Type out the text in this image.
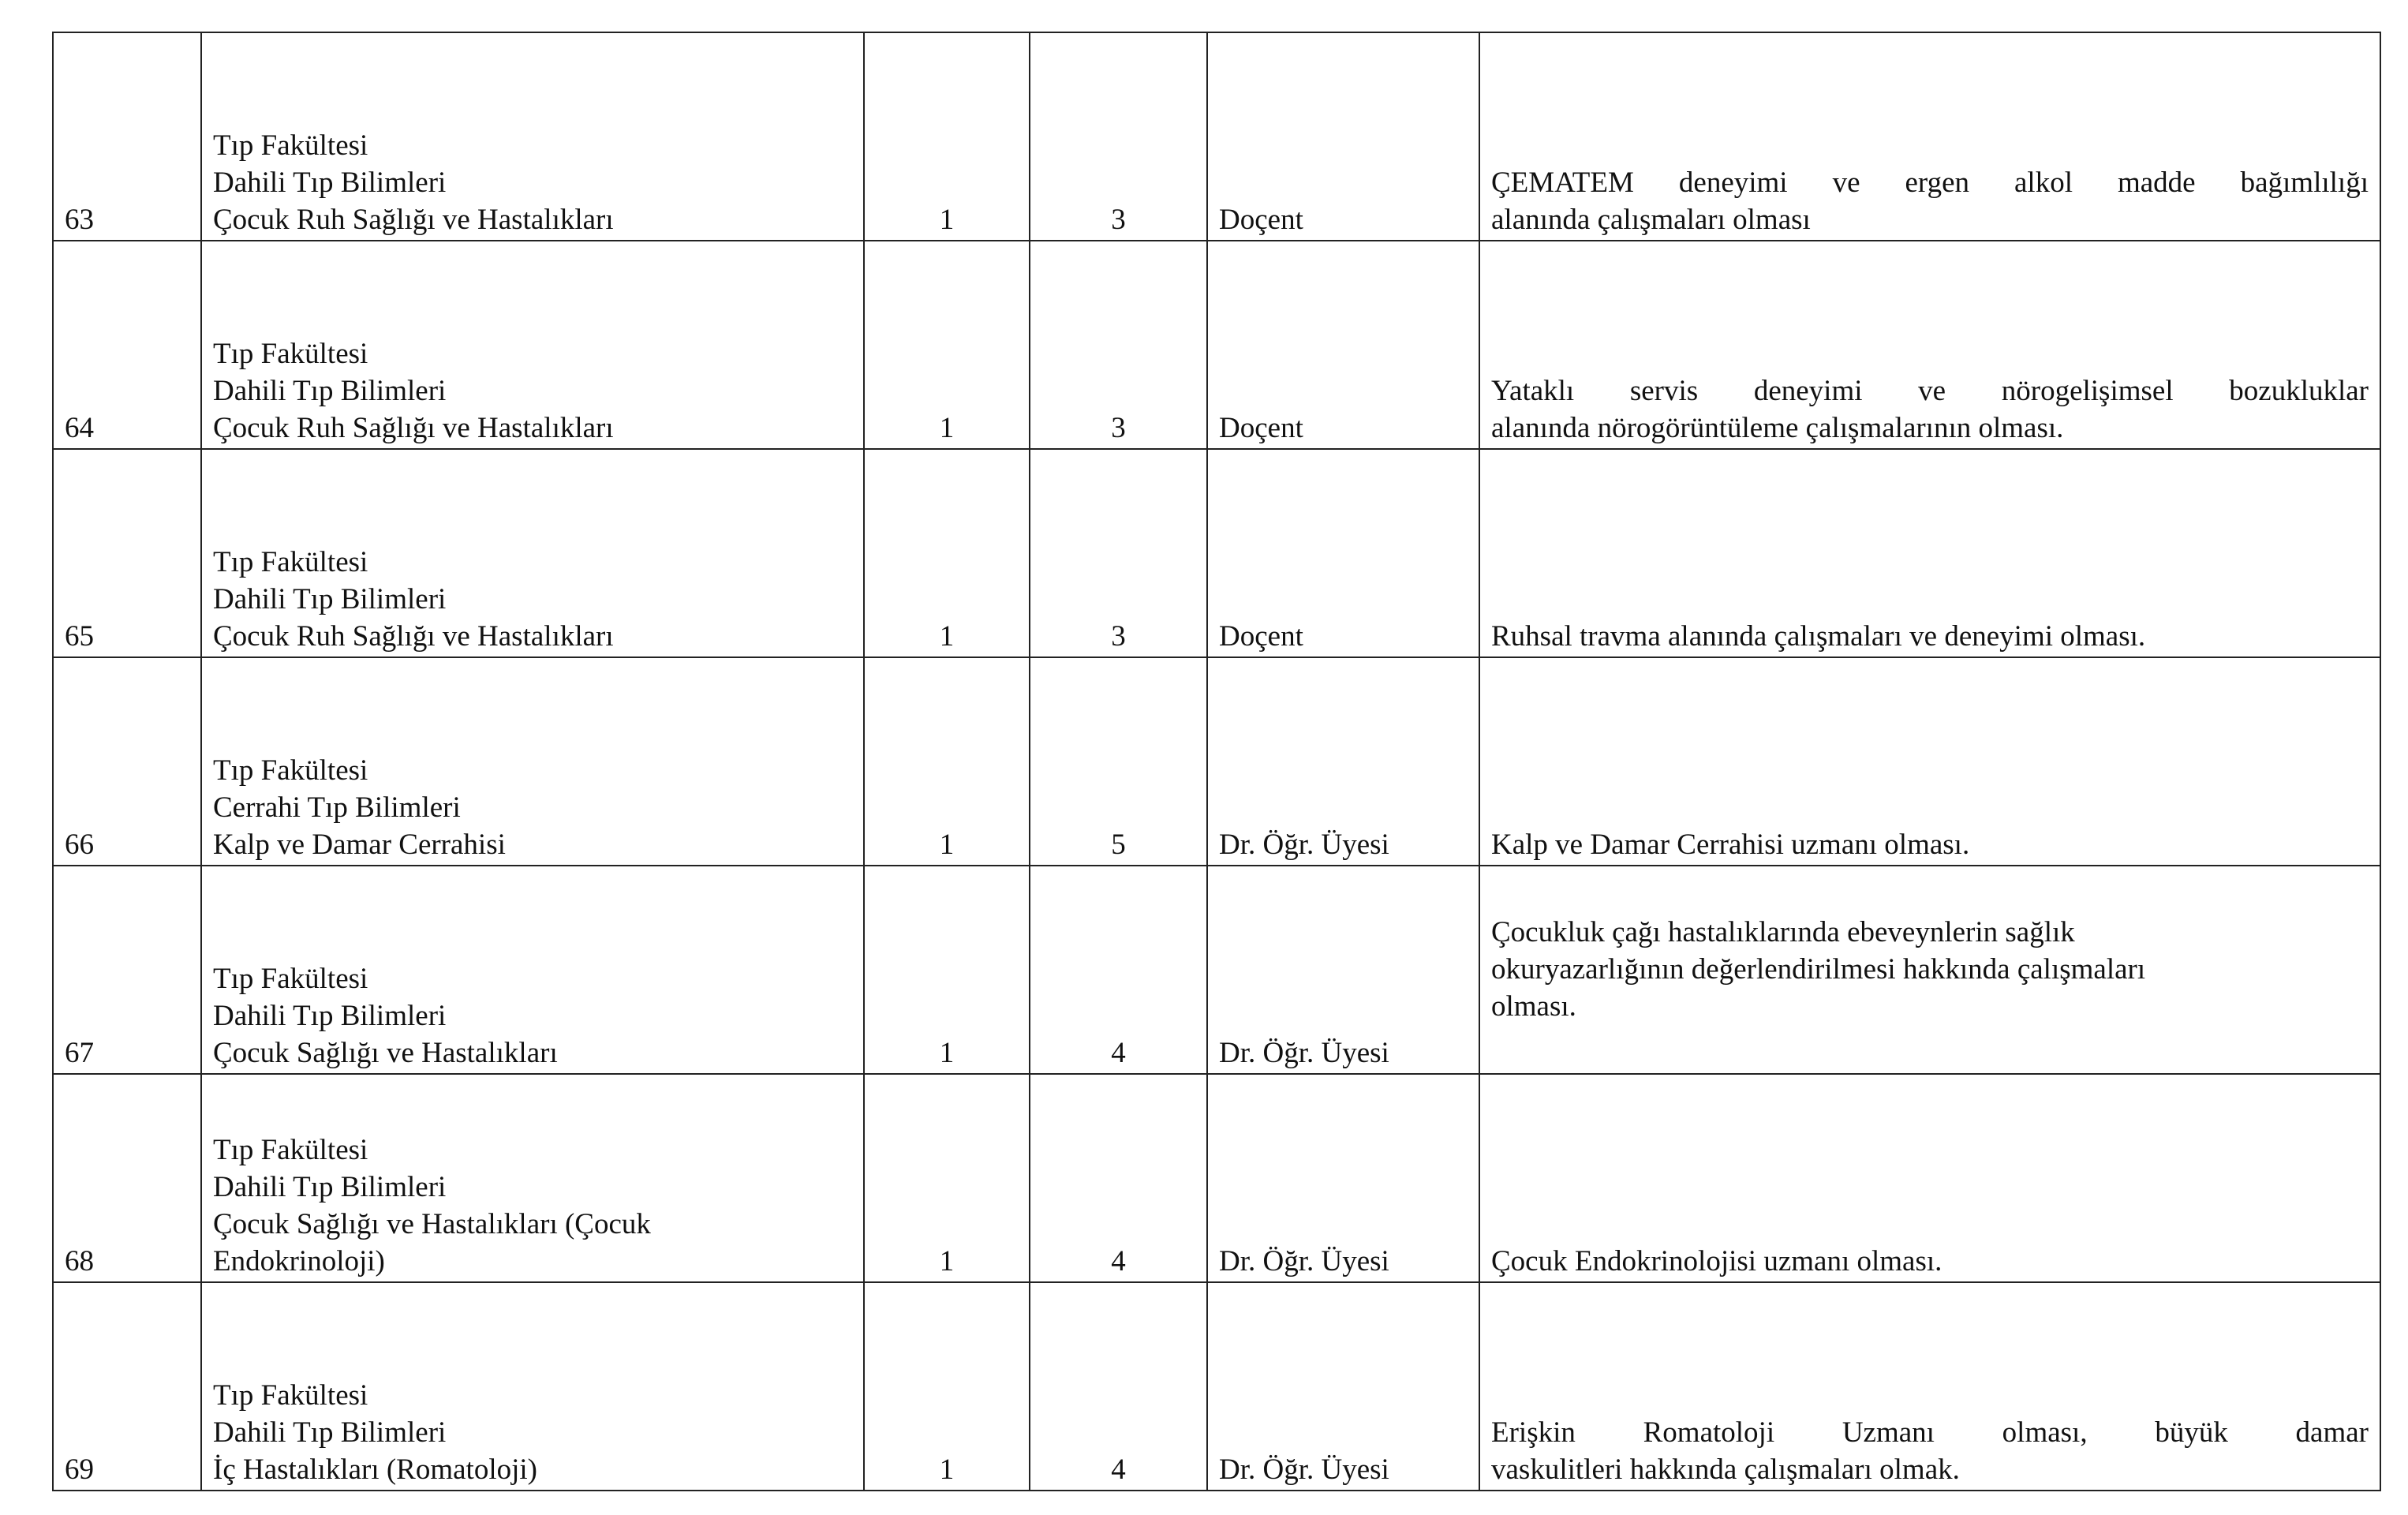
63	Tıp Fakültesi
Dahili Tıp Bilimleri
Çocuk Ruh Sağlığı ve Hastalıkları	1	3	Doçent	ÇEMATEM deneyimi ve ergen alkol madde bağımlılığı
alanında çalışmaları olması

64	Tıp Fakültesi
Dahili Tıp Bilimleri
Çocuk Ruh Sağlığı ve Hastalıkları	1	3	Doçent	Yataklı servis deneyimi ve nörogelişimsel bozukluklar
alanında nörogörüntüleme çalışmalarının olması.

65	Tıp Fakültesi
Dahili Tıp Bilimleri
Çocuk Ruh Sağlığı ve Hastalıkları	1	3	Doçent	Ruhsal travma alanında çalışmaları ve deneyimi olması.

66	Tıp Fakültesi
Cerrahi Tıp Bilimleri
Kalp ve Damar Cerrahisi	1	5	Dr. Öğr. Üyesi	Kalp ve Damar Cerrahisi uzmanı olması.

67	Tıp Fakültesi
Dahili Tıp Bilimleri
Çocuk Sağlığı ve Hastalıkları	1	4	Dr. Öğr. Üyesi	Çocukluk çağı hastalıklarında ebeveynlerin sağlık
okuryazarlığının değerlendirilmesi hakkında çalışmaları
olması.

68	Tıp Fakültesi
Dahili Tıp Bilimleri
Çocuk Sağlığı ve Hastalıkları (Çocuk
Endokrinoloji)	1	4	Dr. Öğr. Üyesi	Çocuk Endokrinolojisi uzmanı olması.

69	Tıp Fakültesi
Dahili Tıp Bilimleri
İç Hastalıkları (Romatoloji)	1	4	Dr. Öğr. Üyesi	Erişkin Romatoloji Uzmanı olması, büyük damar
vaskulitleri hakkında çalışmaları olmak.
